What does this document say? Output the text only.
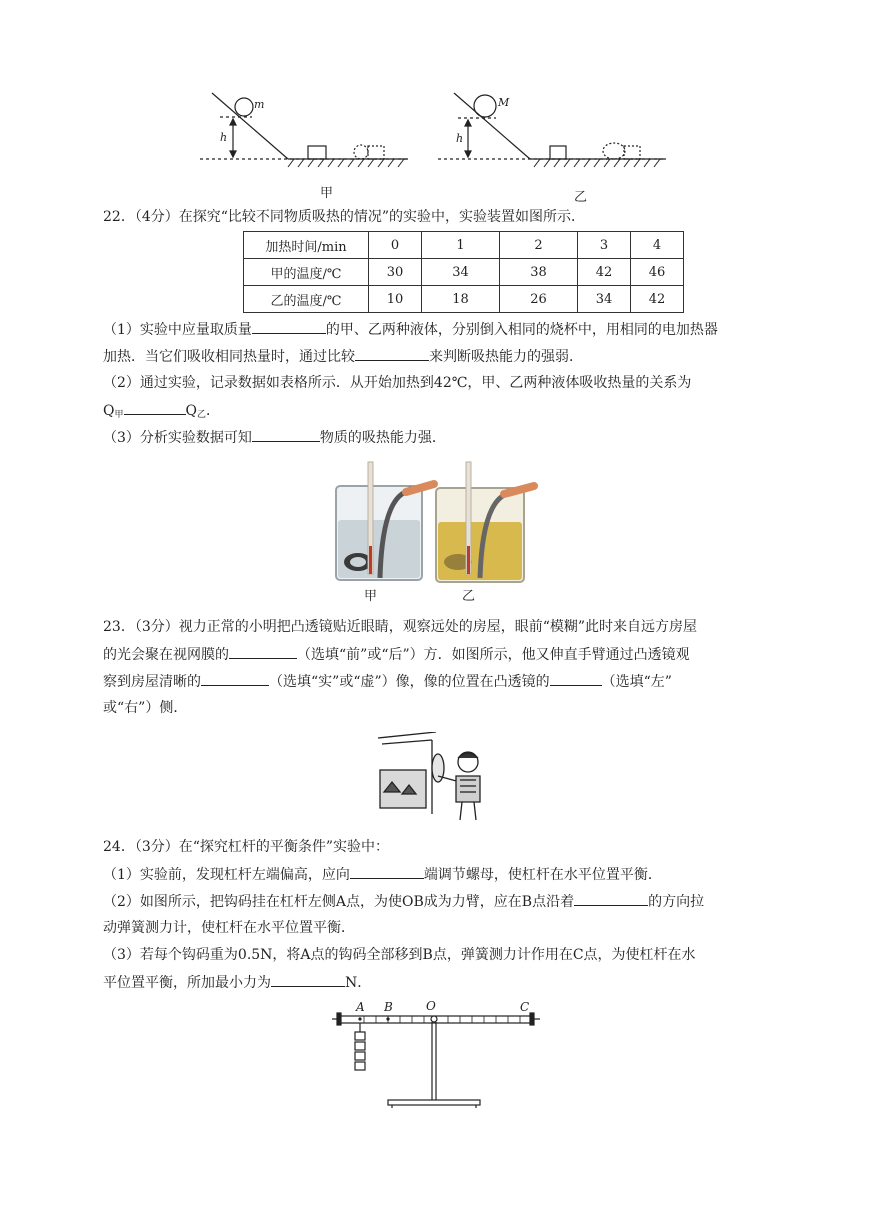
m
h
甲
M
h
乙
22．（4分）在探究“比较不同物质吸热的情况”的实验中，实验装置如图所示．
加热时间/min	0	1	2	3	4
甲的温度/℃	30	34	38	42	46
乙的温度/℃	10	18	26	34	42
（1）实验中应量取质量	的甲、乙两种液体，分别倒入相同的烧杯中，用相同的电加热器
加热．当它们吸收相同热量时，通过比较	来判断吸热能力的强弱．
（2）通过实验，记录数据如表格所示．从开始加热到42℃，甲、乙两种液体吸收热量的关系为
$Q_甲$	$Q_乙$．
（3）分析实验数据可知	物质的吸热能力强．
甲	乙
23．（3分）视力正常的小明把凸透镜贴近眼睛，观察远处的房屋，眼前“模糊”此时来自远方房屋
的光会聚在视网膜的	（选填“前”或“后”）方．如图所示，他又伸直手臂通过凸透镜观
察到房屋清晰的	（选填“实”或“虚”）像，像的位置在凸透镜的	（选填“左”
或“右”）侧．
24．（3分）在“探究杠杆的平衡条件”实验中：
（1）实验前，发现杠杆左端偏高，应向	端调节螺母，使杠杆在水平位置平衡．
（2）如图所示，把钩码挂在杠杆左侧A点，为使OB成为力臂，应在B点沿着	的方向拉
动弹簧测力计，使杠杆在水平位置平衡．
（3）若每个钩码重为0.5N，将A点的钩码全部移到B点，弹簧测力计作用在C点，为使杠杆在水
平位置平衡，所加最小力为	N．
A B	O	C
